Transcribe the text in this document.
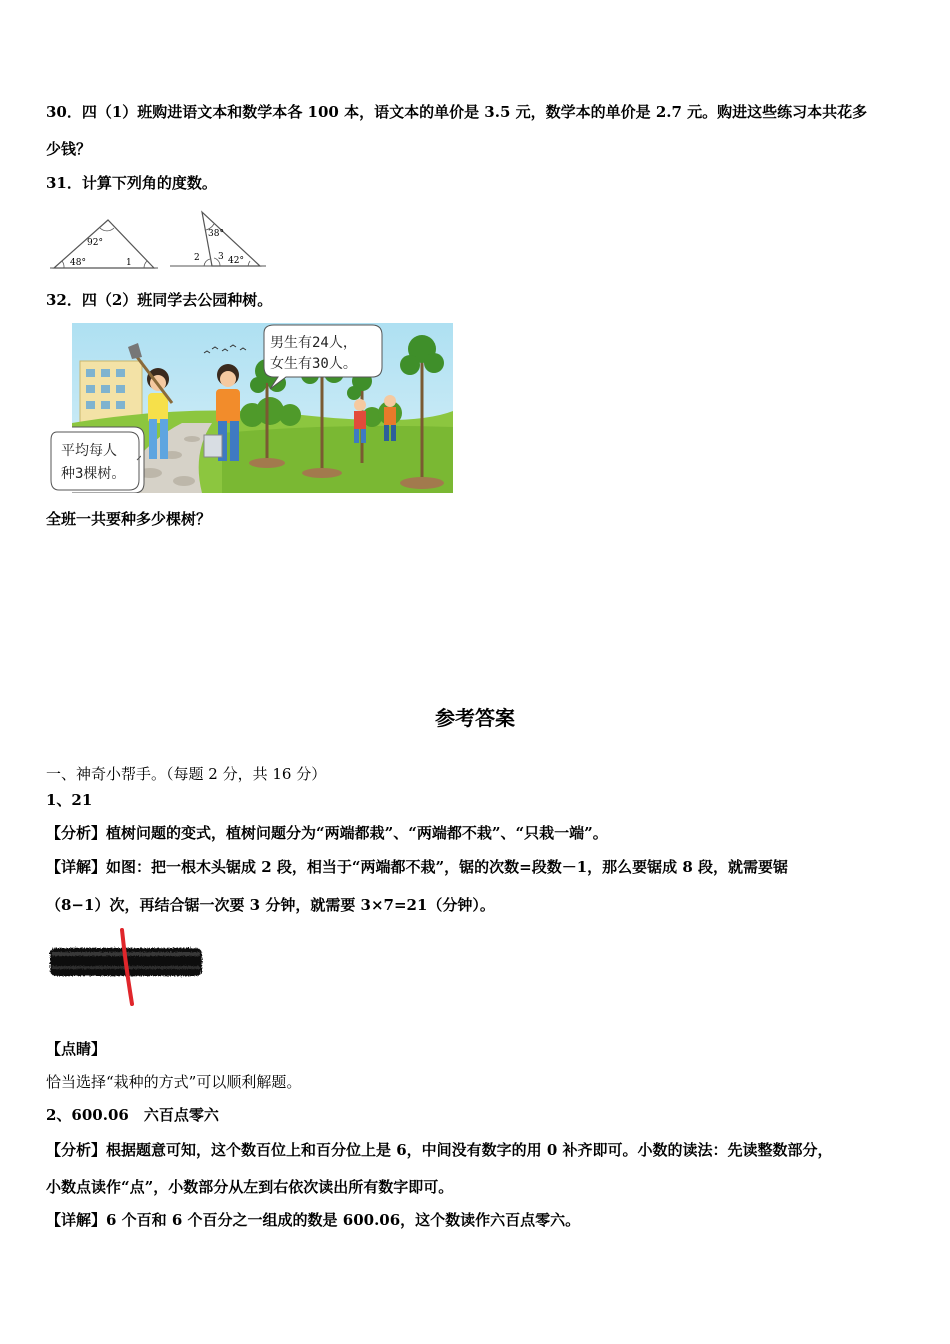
30．四（1）班购进语文本和数学本各 100 本，语文本的单价是 3.5 元，数学本的单价是 2.7 元。购进这些练习本共花多
少钱？
31．计算下列角的度数。
92°
48°	1
38°
2 3 42°
32．四（2）班同学去公园种树。
男生有24人，
女生有30人。
平均每人
种3棵树。
全班一共要种多少棵树？
参考答案
一、神奇小帮手。（每题 2 分，共 16 分）
1、21
【分析】植树问题的变式，植树问题分为“两端都栽”、“两端都不栽”、“只栽一端”。
【详解】如图：把一根木头锯成 2 段，相当于“两端都不栽”，锯的次数=段数－1，那么要锯成 8 段，就需要锯
（8−1）次，再结合锯一次要 3 分钟，就需要 3×7=21（分钟）。
【点睛】
恰当选择“栽种的方式”可以顺利解题。
2、600.06　六百点零六
【分析】根据题意可知，这个数百位上和百分位上是 6，中间没有数字的用 0 补齐即可。小数的读法：先读整数部分，
小数点读作“点”，小数部分从左到右依次读出所有数字即可。
【详解】6 个百和 6 个百分之一组成的数是 600.06，这个数读作六百点零六。
